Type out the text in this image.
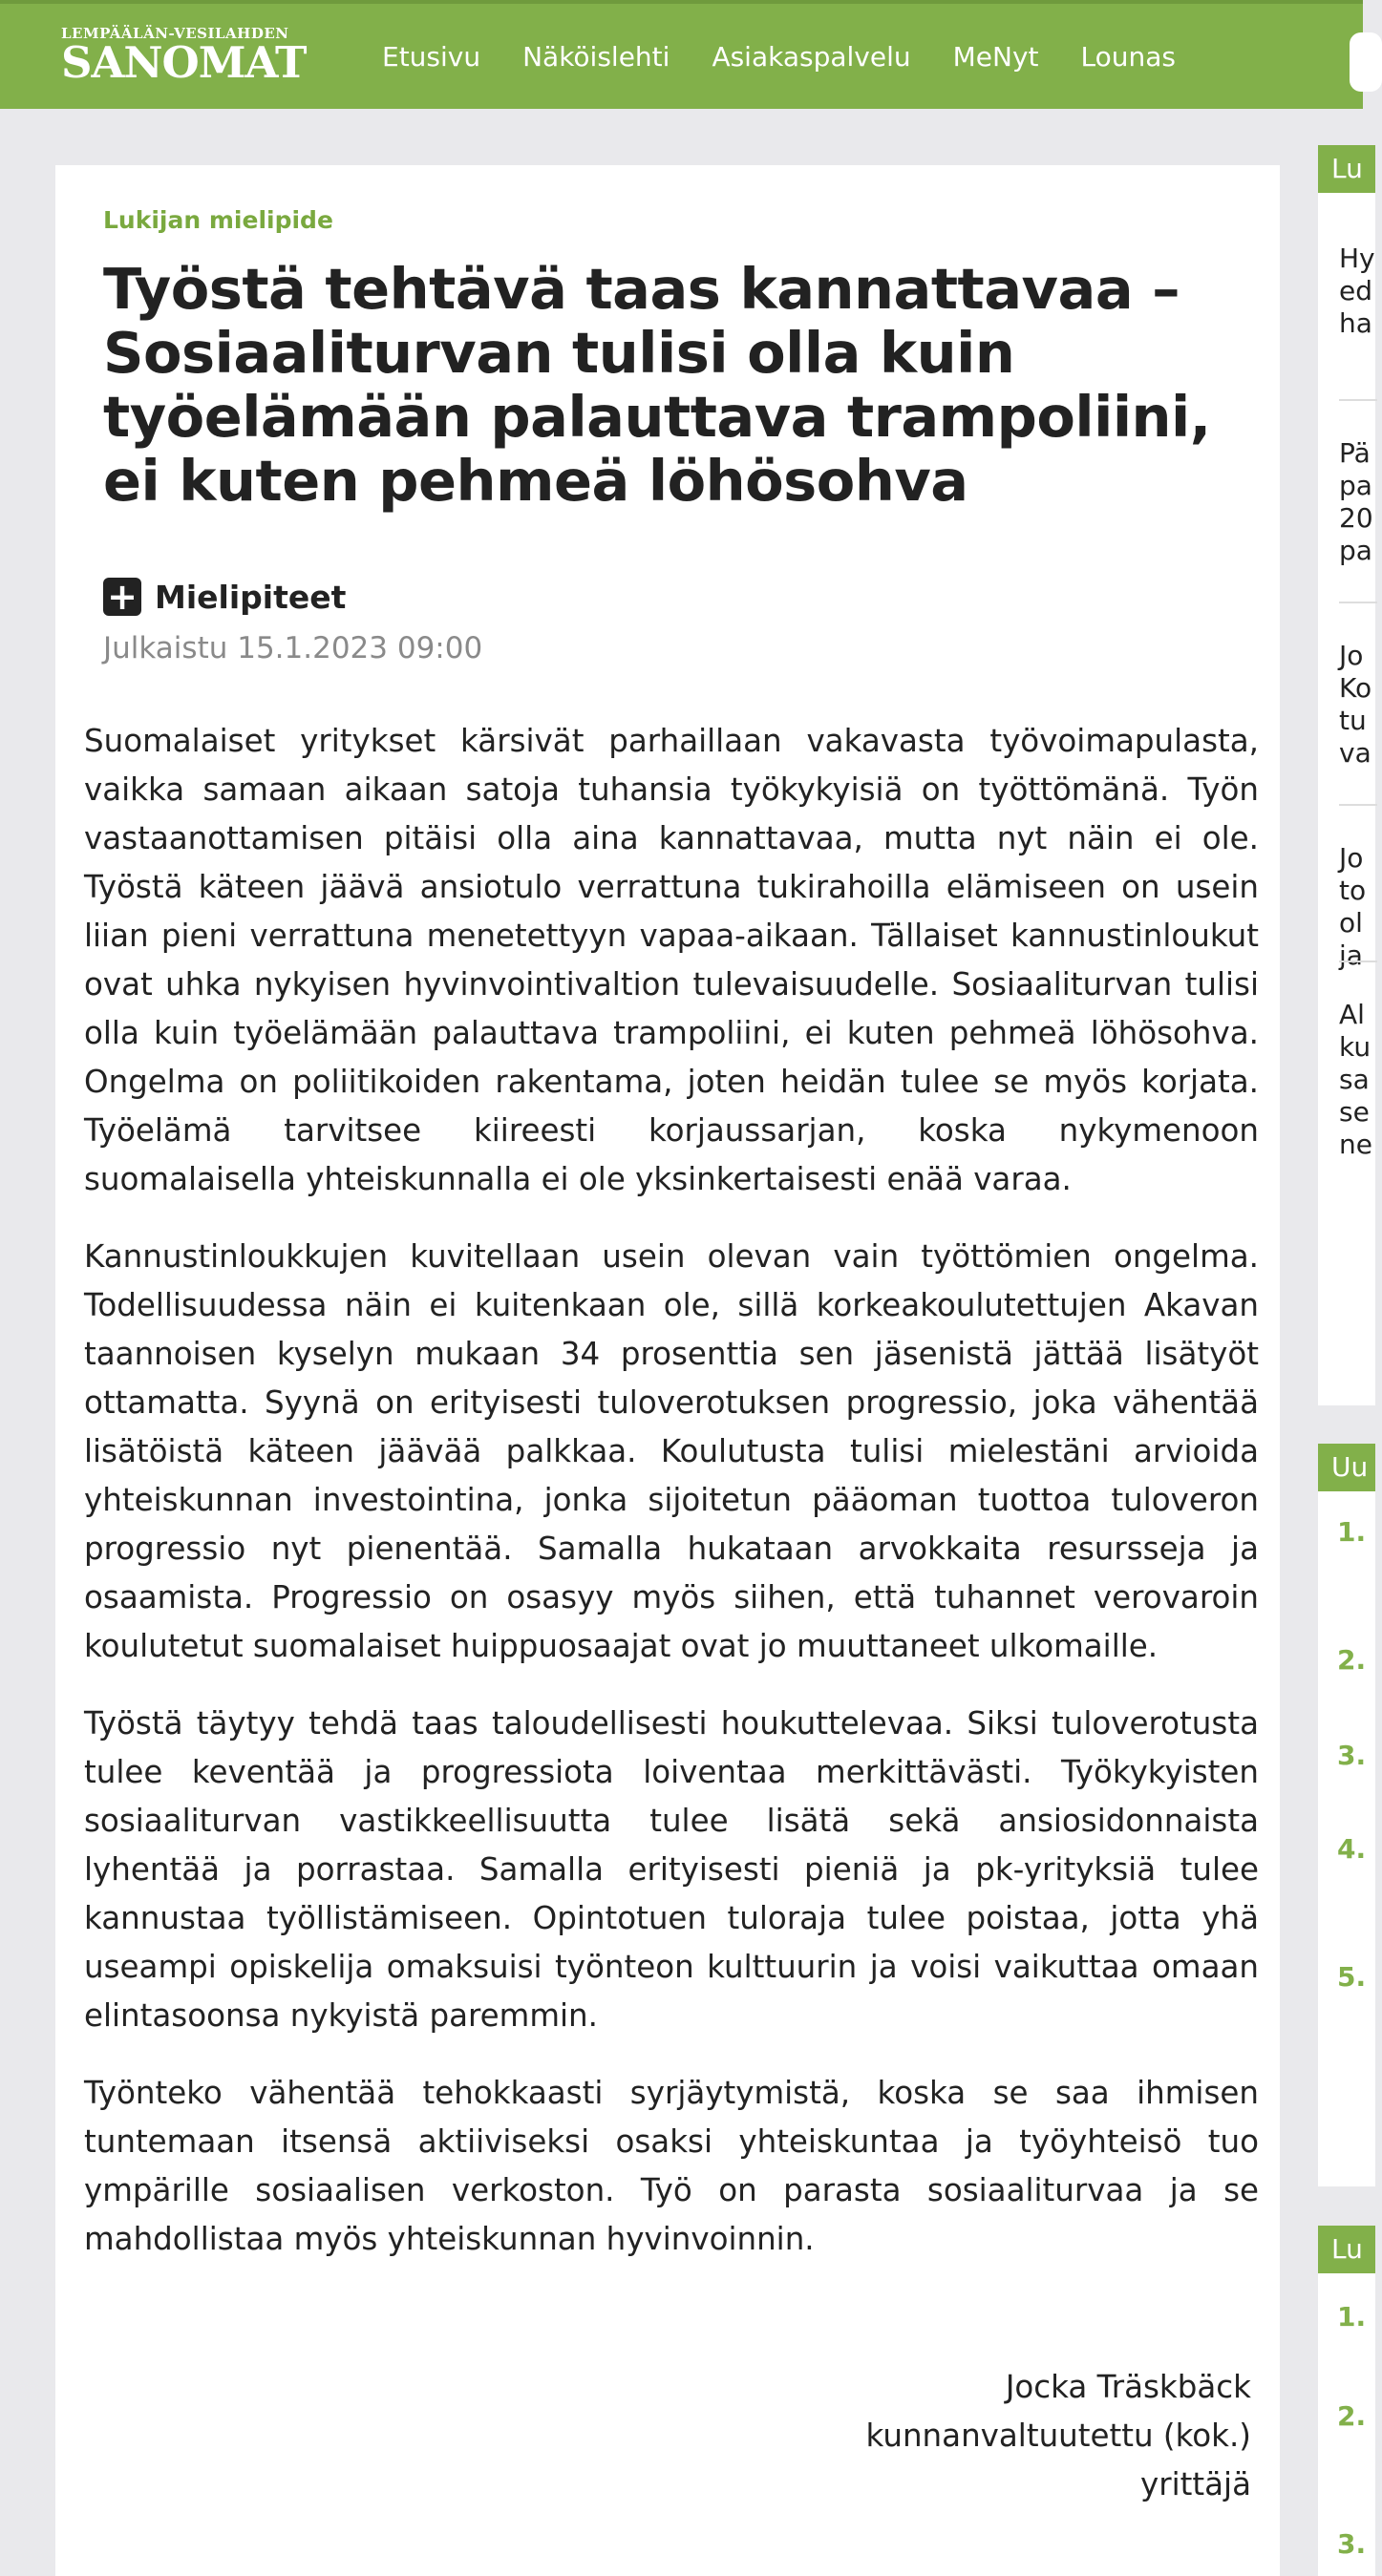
LEMPÄÄLÄN-VESILAHDEN
SANOMAT	Etusivu Näköislehti Asiakaspalvelu MeNyt Lounas
Lukijan mielipide
Työstä tehtävä taas kannattavaa – Sosiaaliturvan tulisi olla kuin työelämään palauttava trampoliini, ei kuten pehmeä löhösohva
+ Mielipiteet
Julkaistu 15.1.2023 09:00

Suomalaiset yritykset kärsivät parhaillaan vakavasta työvoimapulasta, vaikka samaan aikaan satoja tuhansia työkykyisiä on työttömänä. Työn vastaanottamisen pitäisi olla aina kannattavaa, mutta nyt näin ei ole. Työstä käteen jäävä ansiotulo verrattuna tukirahoilla elämiseen on usein liian pieni verrattuna menetettyyn vapaa-aikaan. Tällaiset kannustinloukut ovat uhka nykyisen hyvinvointivaltion tulevaisuudelle. Sosiaaliturvan tulisi olla kuin työelämään palauttava trampoliini, ei kuten pehmeä löhösohva. Ongelma on poliitikoiden rakentama, joten heidän tulee se myös korjata. Työelämä tarvitsee kiireesti korjaussarjan, koska nykymenoon suomalaisella yhteiskunnalla ei ole yksinkertaisesti enää varaa.

Kannustinloukkujen kuvitellaan usein olevan vain työttömien ongelma. Todellisuudessa näin ei kuitenkaan ole, sillä korkeakoulutettujen Akavan taannoisen kyselyn mukaan 34 prosenttia sen jäsenistä jättää lisätyöt ottamatta. Syynä on erityisesti tuloverotuksen progressio, joka vähentää lisätöistä käteen jäävää palkkaa. Koulutusta tulisi mielestäni arvioida yhteiskunnan investointina, jonka sijoitetun pääoman tuottoa tuloveron progressio nyt pienentää. Samalla hukataan arvokkaita resursseja ja osaamista. Progressio on osasyy myös siihen, että tuhannet verovaroin koulutetut suomalaiset huippuosaajat ovat jo muuttaneet ulkomaille.

Työstä täytyy tehdä taas taloudellisesti houkuttelevaa. Siksi tuloverotusta tulee keventää ja progressiota loiventaa merkittävästi. Työkykyisten sosiaaliturvan vastikkeellisuutta tulee lisätä sekä ansiosidonnaista lyhentää ja porrastaa. Samalla erityisesti pieniä ja pk-yrityksiä tulee kannustaa työllistämiseen. Opintotuen tuloraja tulee poistaa, jotta yhä useampi opiskelija omaksuisi työnteon kulttuurin ja voisi vaikuttaa omaan elintasoonsa nykyistä paremmin.

Työnteko vähentää tehokkaasti syrjäytymistä, koska se saa ihmisen tuntemaan itsensä aktiiviseksi osaksi yhteiskuntaa ja työyhteisö tuo ympärille sosiaalisen verkoston. Työ on parasta sosiaaliturvaa ja se mahdollistaa myös yhteiskunnan hyvinvoinnin.

Jocka Träskbäck
kunnanvaltuutettu (kok.)
yrittäjä
Lu
Hy
ed
ha
Pä
pa
20
pa
Jo
Ko
tu
va
Jo
to
ol
ja
Al
ku
sa
se
ne
Uu
1.
2.
3.
4.
5.
Lu
1.
2.
3.
